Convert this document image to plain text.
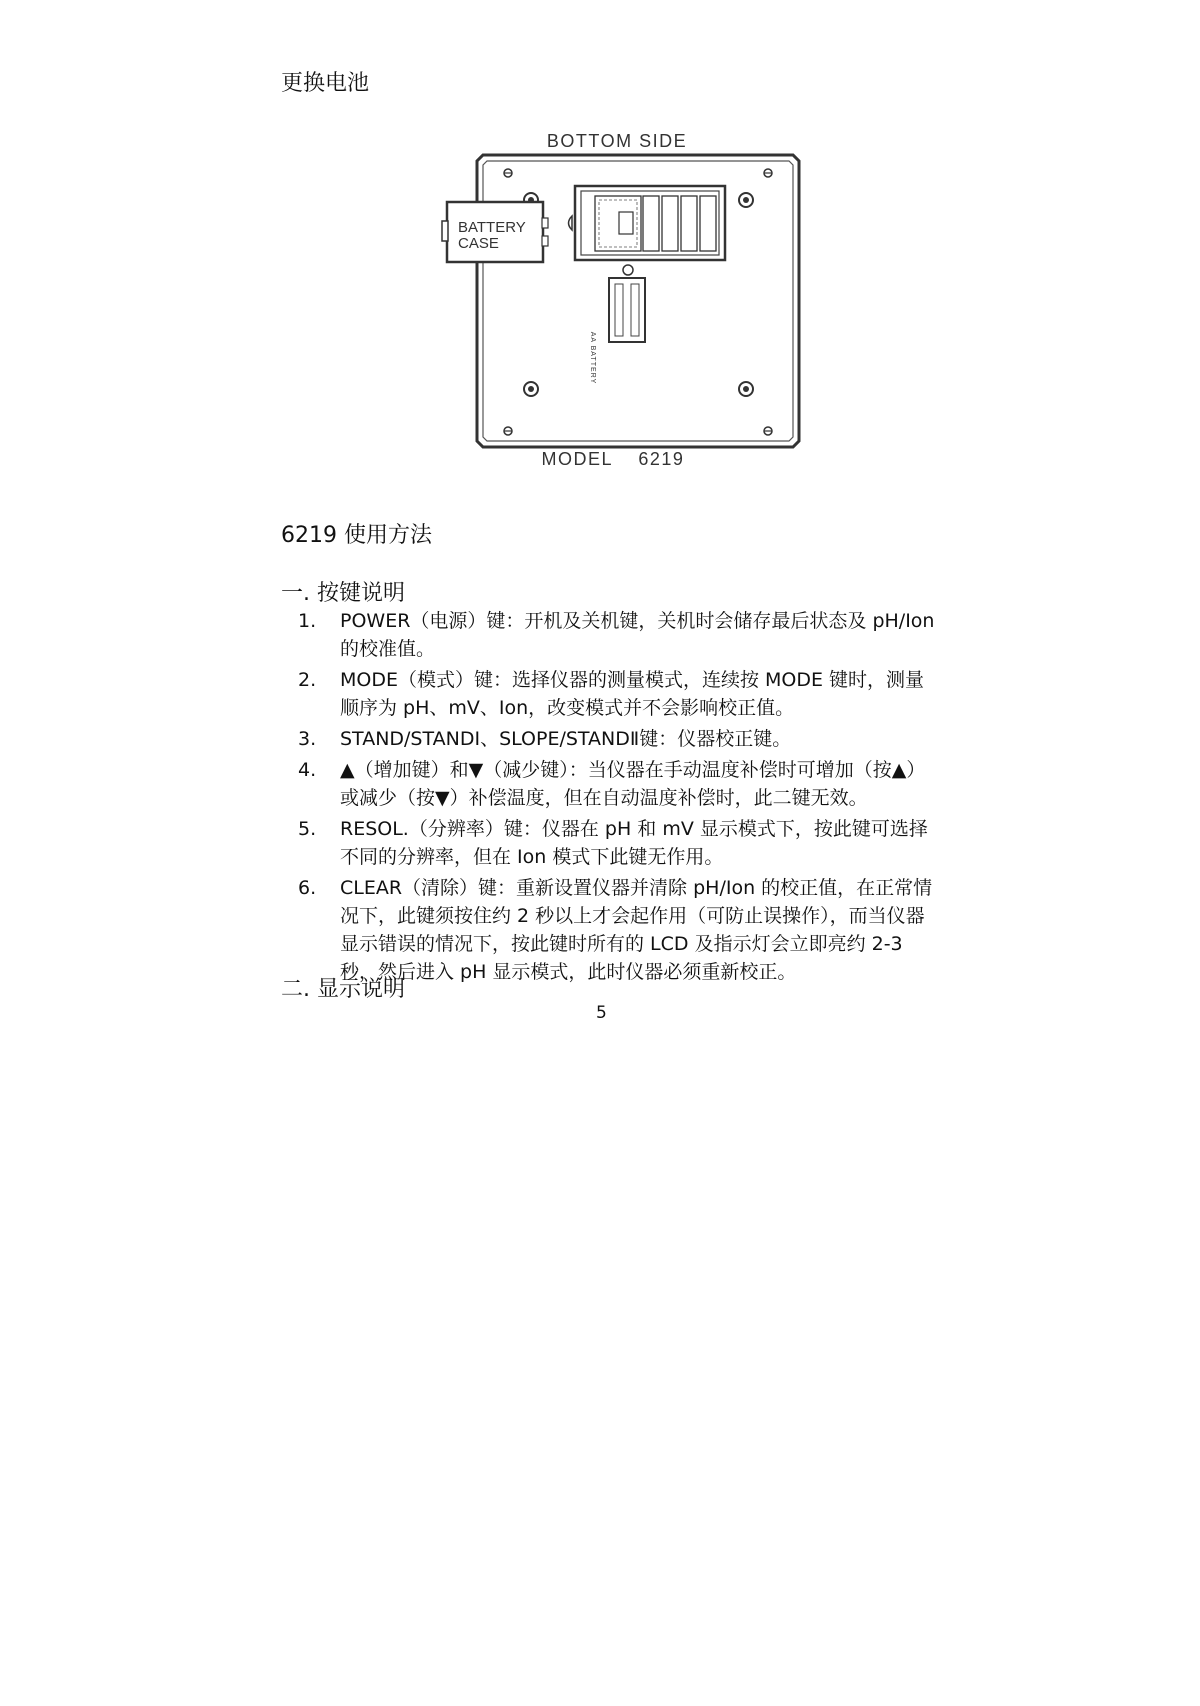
更换电池
BOTTOM SIDE
BATTERY
CASE
AA BATTERY
MODEL    6219
6219 使用方法
一. 按键说明
1. POWER（电源）键：开机及关机键，关机时会储存最后状态及 pH/Ion 的校准值。
2. MODE（模式）键：选择仪器的测量模式，连续按 MODE 键时，测量顺序为 pH、mV、Ion，改变模式并不会影响校正值。
3. STAND/STANDⅠ、SLOPE/STANDⅡ键：仪器校正键。
4. ▲（增加键）和▼（减少键）：当仪器在手动温度补偿时可增加（按▲）或减少（按▼）补偿温度，但在自动温度补偿时，此二键无效。
5. RESOL.（分辨率）键：仪器在 pH 和 mV 显示模式下，按此键可选择不同的分辨率，但在 Ion 模式下此键无作用。
6. CLEAR（清除）键：重新设置仪器并清除 pH/Ion 的校正值，在正常情况下，此键须按住约 2 秒以上才会起作用（可防止误操作），而当仪器显示错误的情况下，按此键时所有的 LCD 及指示灯会立即亮约 2-3 秒，然后进入 pH 显示模式，此时仪器必须重新校正。
二. 显示说明
5
